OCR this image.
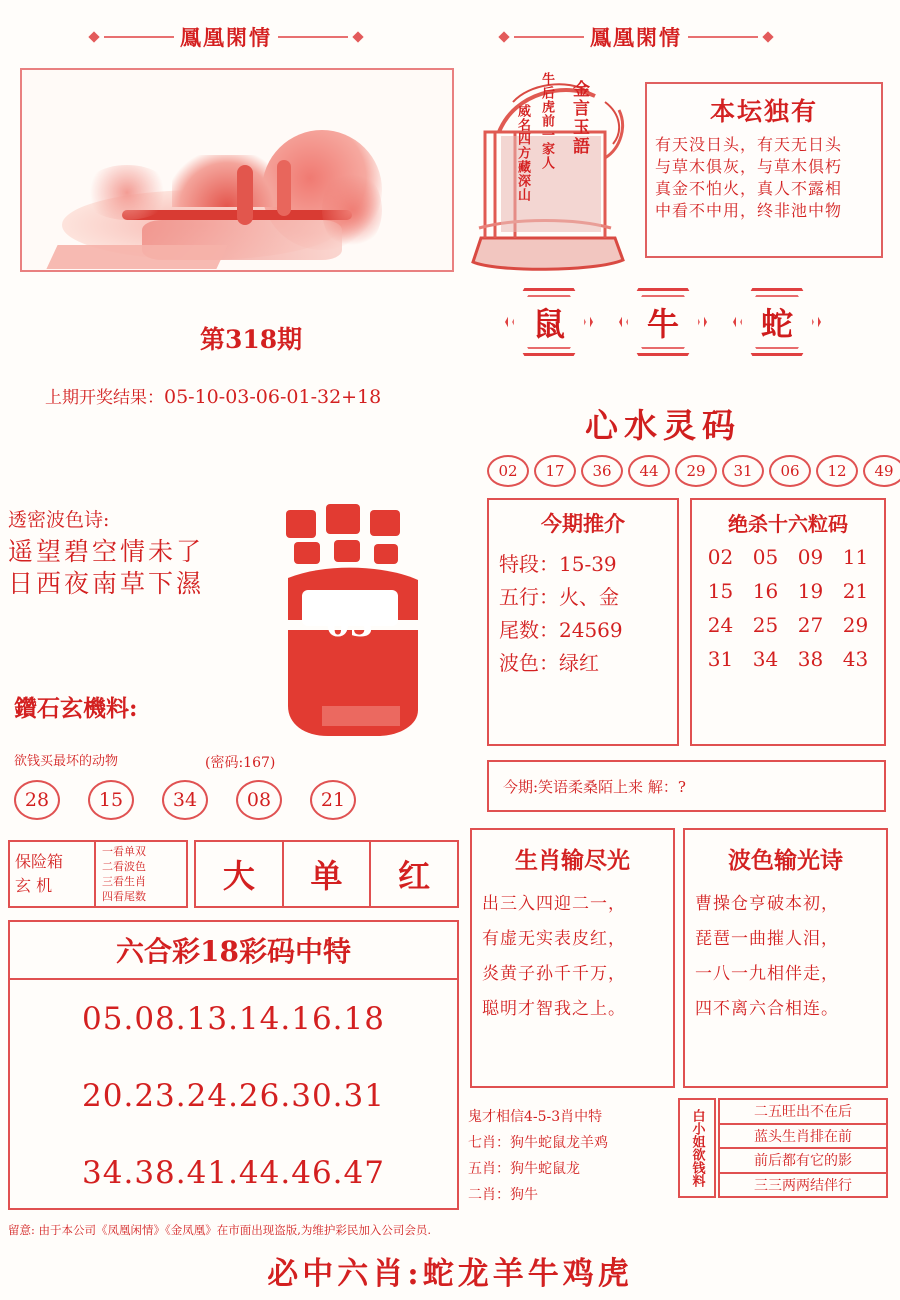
鳳凰閑情	鳳凰閑情
金言玉語
牛后虎前一家人
威名四方藏深山	本坛独有
有天没日头，有天无日头
与草木俱灰，与草木俱朽
真金不怕火，真人不露相
中看不中用，终非池中物
第318期
上期开奖结果：05-10-03-06-01-32+18
鼠	牛	蛇
心水灵码
02	17	36	44	29	31	06	12	49
今期推介
特段：15-39
五行：火、金
尾数：24569
波色：绿红
绝杀十六粒码
02 05 09 11
15 16 19 21
24 25 27 29
31 34 38 43
今期:笑语柔桑陌上来 解：?
透密波色诗:
遥望碧空情未了
日西夜南草下濕
03
鑽石玄機料:
欲钱买最坏的动物	(密码:167)
28	15	34	08	21
保险箱
玄 机
一看单双
二看波色
三看生肖
四看尾数
大	单	红
六合彩18彩码中特
05.08.13.14.16.18
20.23.24.26.30.31
34.38.41.44.46.47
生肖输尽光
出三入四迎二一，
有虚无实表皮红，
炎黄子孙千千万，
聪明才智我之上。
波色输光诗
曹操仓亨破本初，
琵琶一曲摧人泪，
一八一九相伴走，
四不离六合相连。
鬼才相信4-5-3肖中特
七肖：狗牛蛇鼠龙羊鸡
五肖：狗牛蛇鼠龙
二肖：狗牛
白小姐欲钱料	二五旺出不在后
蓝头生肖排在前
前后都有它的影
三三两两结伴行
留意: 由于本公司《凤凰闲情》《金凤凰》在市面出现盗版,为维护彩民加入公司会员.
必中六肖:蛇龙羊牛鸡虎
